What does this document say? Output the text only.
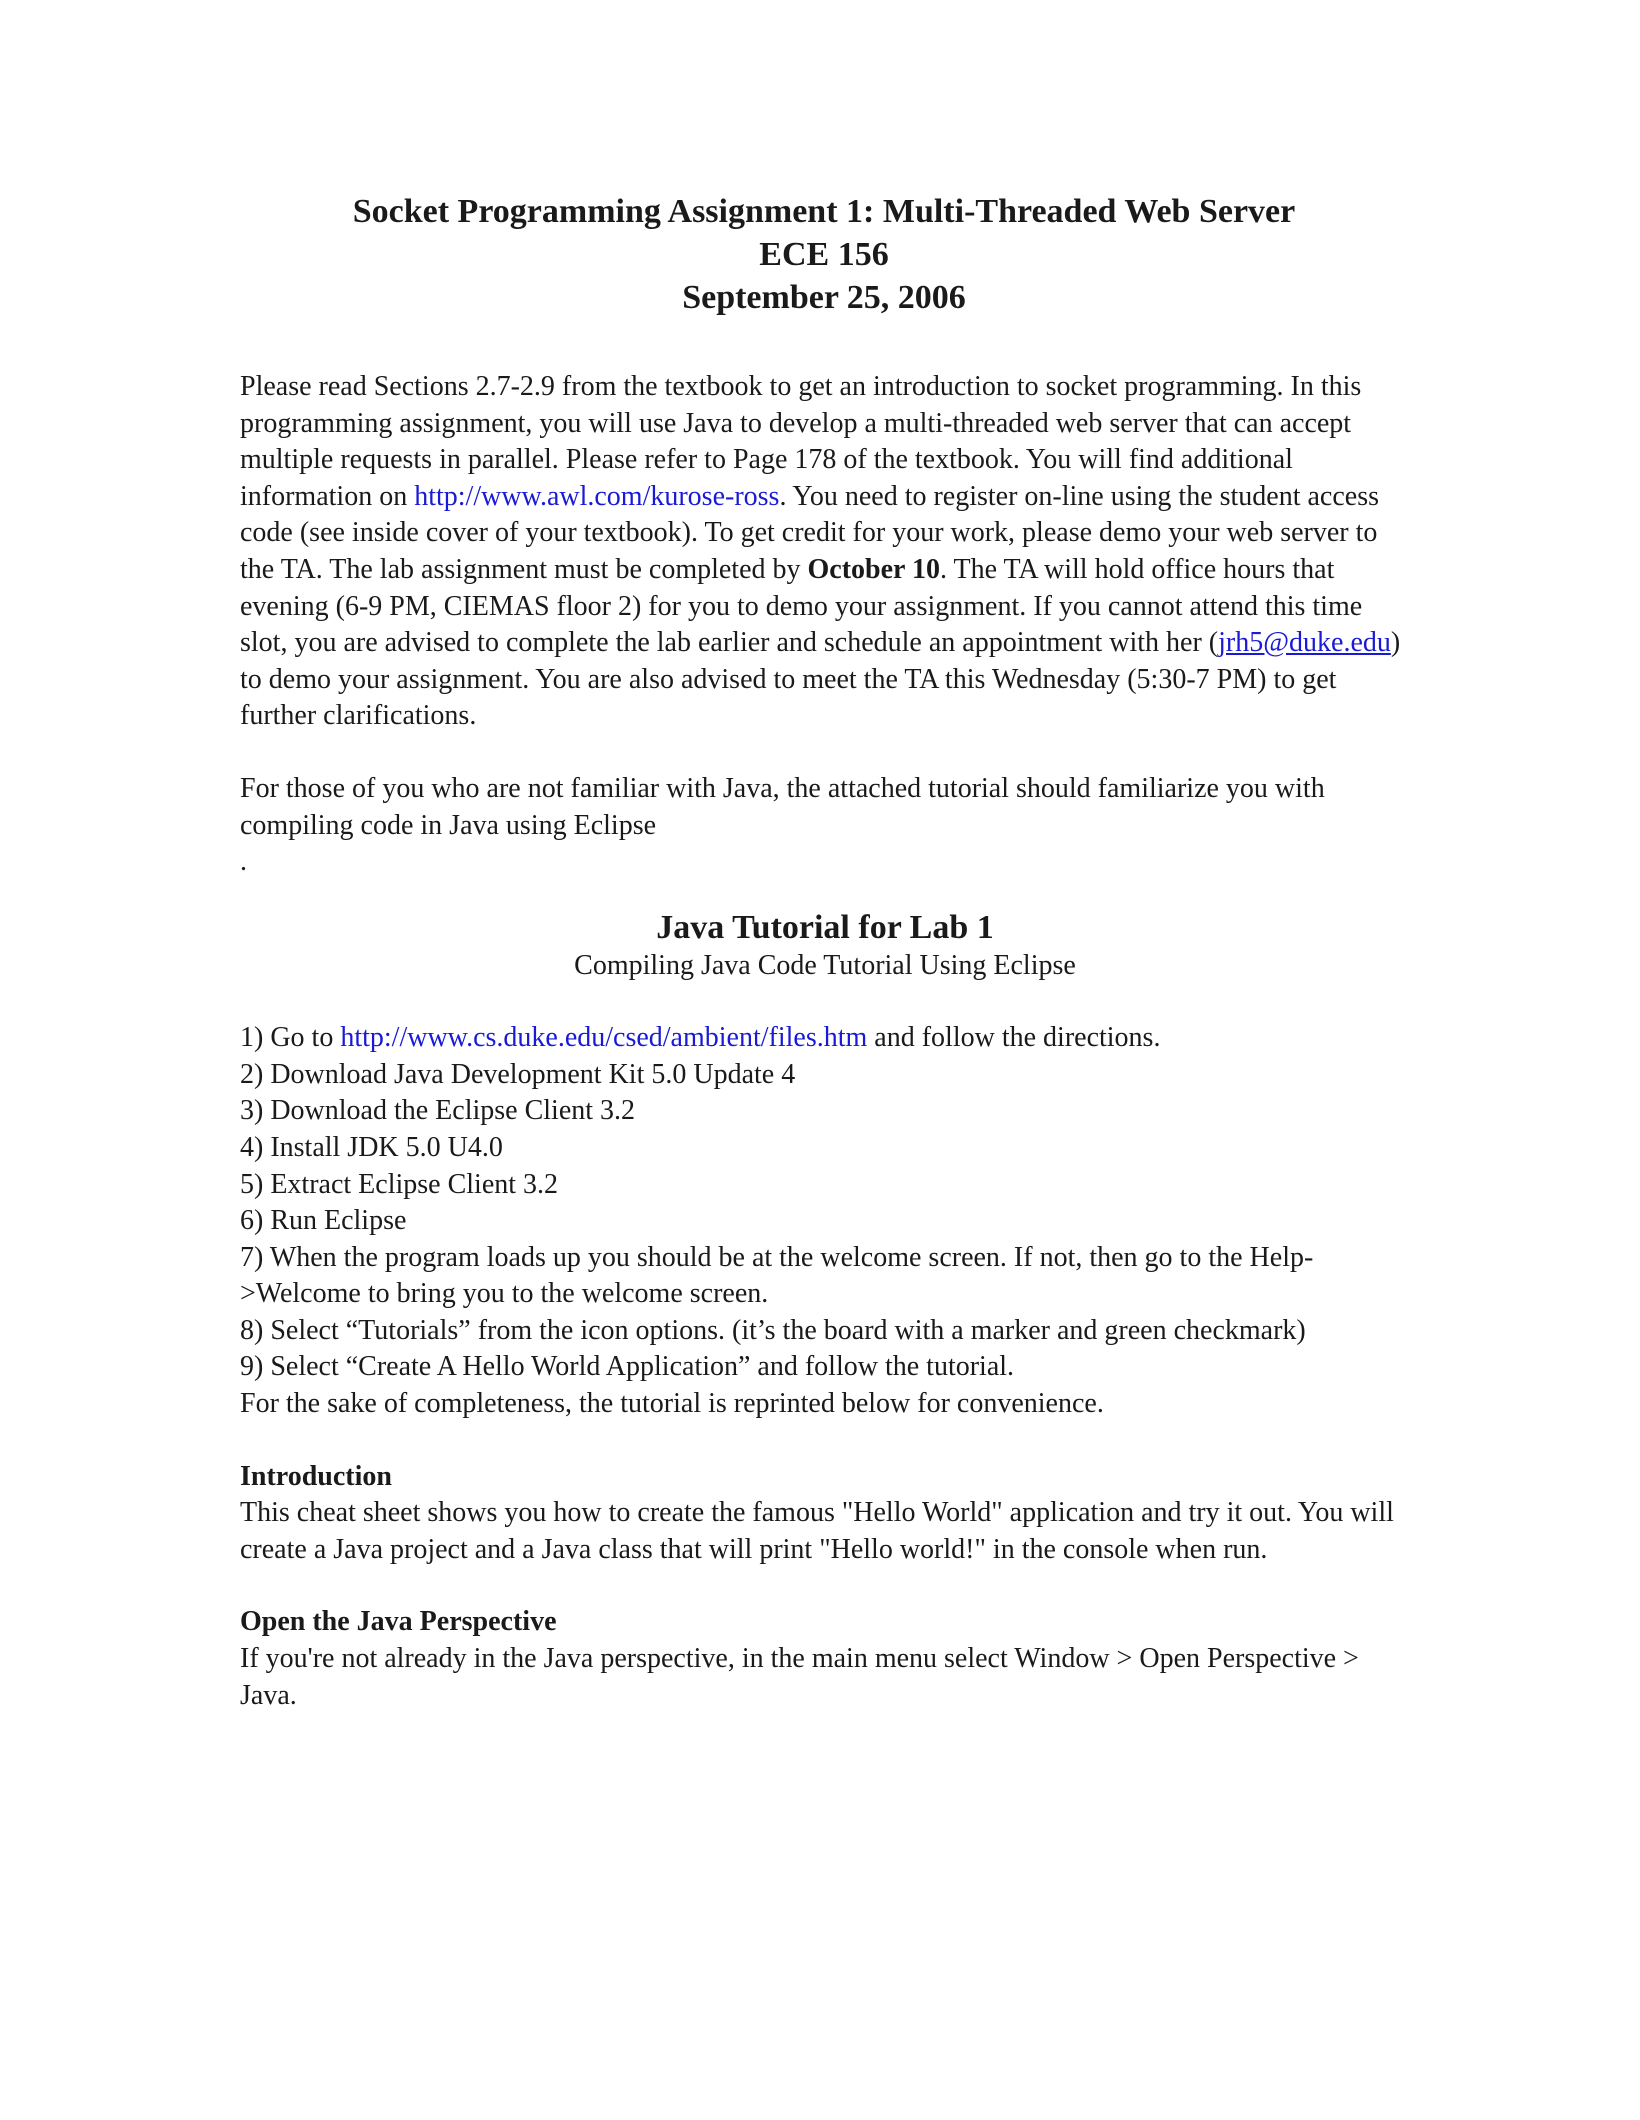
Socket Programming Assignment 1: Multi-Threaded Web Server
ECE 156
September 25, 2006

Please read Sections 2.7-2.9 from the textbook to get an introduction to socket programming. In this programming assignment, you will use Java to develop a multi-threaded web server that can accept multiple requests in parallel. Please refer to Page 178 of the textbook. You will find additional information on http://www.awl.com/kurose-ross. You need to register on-line using the student access code (see inside cover of your textbook). To get credit for your work, please demo your web server to the TA. The lab assignment must be completed by October 10. The TA will hold office hours that evening (6-9 PM, CIEMAS floor 2) for you to demo your assignment. If you cannot attend this time slot, you are advised to complete the lab earlier and schedule an appointment with her (jrh5@duke.edu) to demo your assignment. You are also advised to meet the TA this Wednesday (5:30-7 PM) to get further clarifications.

For those of you who are not familiar with Java, the attached tutorial should familiarize you with compiling code in Java using Eclipse

.

Java Tutorial for Lab 1
Compiling Java Code Tutorial Using Eclipse
1) Go to http://www.cs.duke.edu/csed/ambient/files.htm and follow the directions.
2) Download Java Development Kit 5.0 Update 4
3) Download the Eclipse Client 3.2
4) Install JDK 5.0 U4.0
5) Extract Eclipse Client 3.2
6) Run Eclipse
7) When the program loads up you should be at the welcome screen. If not, then go to the Help->Welcome to bring you to the welcome screen.
8) Select “Tutorials” from the icon options. (it’s the board with a marker and green checkmark)
9) Select “Create A Hello World Application” and follow the tutorial.
For the sake of completeness, the tutorial is reprinted below for convenience.
Introduction

This cheat sheet shows you how to create the famous "Hello World" application and try it out. You will create a Java project and a Java class that will print "Hello world!" in the console when run.

Open the Java Perspective

If you're not already in the Java perspective, in the main menu select Window > Open Perspective > Java.
